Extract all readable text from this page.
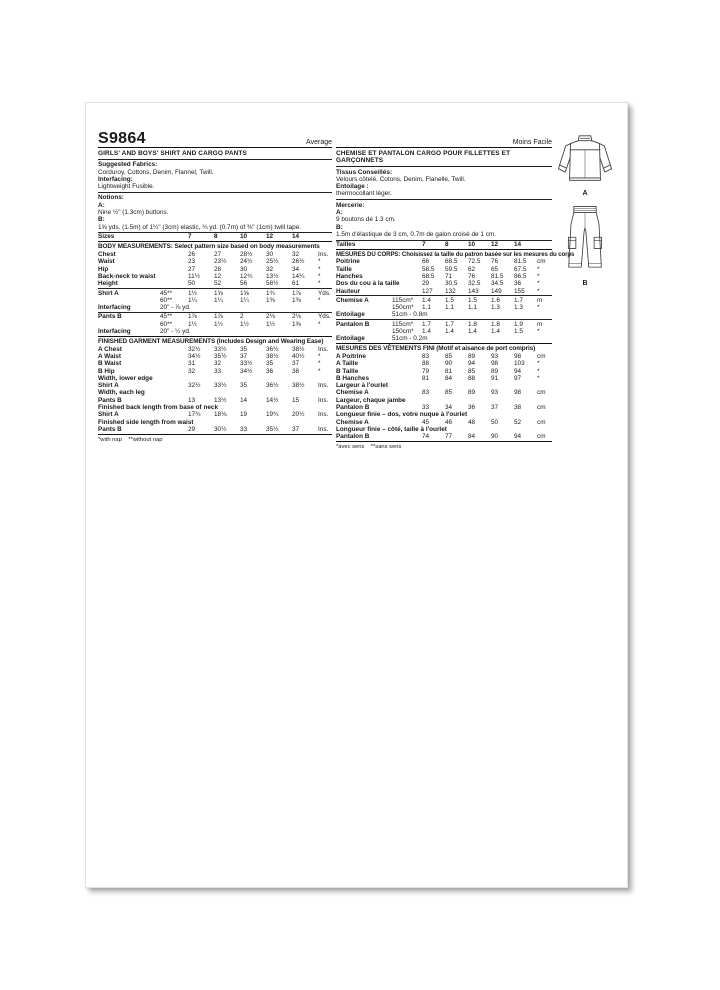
S9864	Average
GIRLS' AND BOYS' SHIRT AND CARGO PANTS
Suggested Fabrics:
Corduroy, Cottons, Denim, Flannel, Twill.
Interfacing:
Lightweight Fusible.
Notions:
A:
Nine ½" (1.3cm) buttons.
B:
1⅝ yds. (1.5m) of 1¼" (3cm) elastic, ¾ yd. (0.7m) of ⅜" (1cm) twill tape.
Sizes	7	8	10	12	14
BODY MEASUREMENTS: Select pattern size based on body measurements
Chest	26	27	28½	30	32	Ins.
Waist	23	23½	24½	25½	26½	*
Hip	27	28	30	32	34	*
Back-neck to waist	11½	12	12¾	13½	14¼	*
Height	50	52	56	58½	61	*
Shirt A	45**	1½	1⅝	1⅝	1¾	1⅞	Yds.
60**	1¼	1¼	1¼	1⅜	1⅜	*
Interfacing	20" - ⅞ yd.
Pants B	45**	1⅞	1⅞	2	2⅛	2⅛	Yds.
60**	1½	1½	1½	1½	1⅝	*
Interfacing	20" - ¼ yd.
FINISHED GARMENT MEASUREMENTS (Includes Design and Wearing Ease)
A Chest	32½	33½	35	36½	38½	Ins.
A Waist	34½	35½	37	38½	40½	*
B Waist	31	32	33½	35	37	*
B Hip	32	33	34½	36	38	*
Width, lower edge
Shirt A	32½	33½	35	36½	38½	Ins.
Width, each leg
Pants B	13	13½	14	14½	15	Ins.
Finished back length from base of neck
Shirt A	17¾	18⅛	19	19¾	20½	Ins.
Finished side length from waist
Pants B	29	30½	33	35½	37	Ins.
*with nap    **without nap
Moins Facile
CHEMISE ET PANTALON CARGO POUR FILLETTES ET GARÇONNETS
Tissus Conseillés:
Velours côtelé, Cotons, Denim, Flanelle, Twill.
Entoilage :
thermocollant léger.
Mercerie:
A:
9 boutons de 1.3 cm.
B:
1.5m d'élastique de 3 cm, 0.7m de galon croisé de 1 cm.
Tailles	7	8	10	12	14
MESURES DU CORPS: Choisissez la taille du patron basée sur les mesures du corps
Poitrine	66	68.5	72.5	76	81.5	cm
Taille	58.5	59.5	62	65	67.5	*
Hanches	68.5	71	76	81.5	86.5	*
Dos du cou à la taille	29	30.5	32.5	34.5	36	*
Hauteur	127	132	143	149	155	*
Chemise A	115cm*	1.4	1.5	1.5	1.6	1.7	m
150cm*	1.1	1.1	1.1	1.3	1.3	*
Entoilage	51cm - 0.8m
Pantalon B	115cm*	1.7	1.7	1.8	1.8	1.9	m
150cm*	1.4	1.4	1.4	1.4	1.5	*
Entoilage	51cm - 0.2m
MESURES DES VÊTEMENTS FINI (Motif et aisance de port compris)
A Poitrine	83	85	89	93	98	cm
A Taille	88	90	94	98	103	*
B Taille	79	81	85	89	94	*
B Hanches	81	84	88	91	97	*
Largeur à l'ourlet
Chemise A	83	85	89	93	98	cm
Largeur, chaque jambe
Pantalon B	33	34	36	37	38	cm
Longueur finie – dos, votre nuque à l'ourlet
Chemise A	45	46	48	50	52	cm
Longueur finie – côté, taille à l'ourlet
Pantalon B	74	77	84	90	94	cm
*avec sens    **sans sens
A
B
